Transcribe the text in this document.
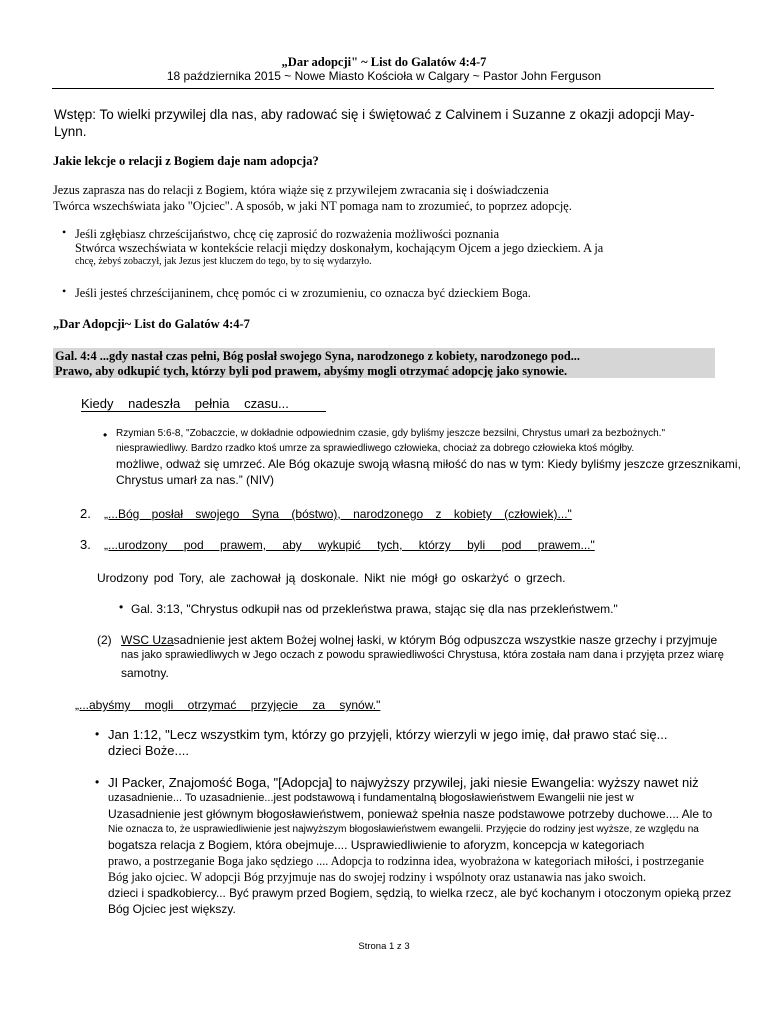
„Dar adopcji" ~ List do Galatów 4:4-7
18 października 2015 ~ Nowe Miasto Kościoła w Calgary ~ Pastor John Ferguson
Wstęp: To wielki przywilej dla nas, aby radować się i świętować z Calvinem i Suzanne z okazji adopcji May-
Lynn.
Jakie lekcje o relacji z Bogiem daje nam adopcja?
Jezus zaprasza nas do relacji z Bogiem, która wiąże się z przywilejem zwracania się i doświadczenia
Twórca wszechświata jako "Ojciec". A sposób, w jaki NT pomaga nam to zrozumieć, to poprzez adopcję.
• Jeśli zgłębiasz chrześcijaństwo, chcę cię zaprosić do rozważenia możliwości poznania
Stwórca wszechświata w kontekście relacji między doskonałym, kochającym Ojcem a jego dzieckiem. A ja
chcę, żebyś zobaczył, jak Jezus jest kluczem do tego, by to się wydarzyło.
• Jeśli jesteś chrześcijaninem, chcę pomóc ci w zrozumieniu, co oznacza być dzieckiem Boga.
„Dar Adopcji~ List do Galatów 4:4-7
Gal. 4:4 ...gdy nastał czas pełni, Bóg posłał swojego Syna, narodzonego z kobiety, narodzonego pod...
Prawo, aby odkupić tych, którzy byli pod prawem, abyśmy mogli otrzymać adopcję jako synowie.
Kiedy nadeszła pełnia czasu...
• Rzymian 5:6-8, "Zobaczcie, w dokładnie odpowiednim czasie, gdy byliśmy jeszcze bezsilni, Chrystus umarł za bezbożnych."
niesprawiedliwy. Bardzo rzadko ktoś umrze za sprawiedliwego człowieka, chociaż za dobrego człowieka ktoś mógłby.
możliwe, odważ się umrzeć. Ale Bóg okazuje swoją własną miłość do nas w tym: Kiedy byliśmy jeszcze grzesznikami,
Chrystus umarł za nas.” (NIV)
2. „...Bóg posłał swojego Syna (bóstwo), narodzonego z kobiety (człowiek)..."
3. „...urodzony pod prawem, aby wykupić tych, którzy byli pod prawem..."
Urodzony pod Tory, ale zachował ją doskonale. Nikt nie mógł go oskarżyć o grzech.
• Gal. 3:13, "Chrystus odkupił nas od przekleństwa prawa, stając się dla nas przekleństwem."
(2) WSC Uzasadnienie jest aktem Bożej wolnej łaski, w którym Bóg odpuszcza wszystkie nasze grzechy i przyjmuje
nas jako sprawiedliwych w Jego oczach z powodu sprawiedliwości Chrystusa, która została nam dana i przyjęta przez wiarę
samotny.
„...abyśmy mogli otrzymać przyjęcie za synów."
• Jan 1:12, "Lecz wszystkim tym, którzy go przyjęli, którzy wierzyli w jego imię, dał prawo stać się...
dzieci Boże....
• JI Packer, Znajomość Boga, "[Adopcja] to najwyższy przywilej, jaki niesie Ewangelia: wyższy nawet niż
uzasadnienie... To uzasadnienie...jest podstawową i fundamentalną błogosławieństwem Ewangelii nie jest w
Uzasadnienie jest głównym błogosławieństwem, ponieważ spełnia nasze podstawowe potrzeby duchowe.... Ale to
Nie oznacza to, że usprawiedliwienie jest najwyższym błogosławieństwem ewangelii. Przyjęcie do rodziny jest wyższe, ze względu na
bogatsza relacja z Bogiem, która obejmuje.... Usprawiedliwienie to aforyzm, koncepcja w kategoriach
prawo, a postrzeganie Boga jako sędziego .... Adopcja to rodzinna idea, wyobrażona w kategoriach miłości, i postrzeganie
Bóg jako ojciec. W adopcji Bóg przyjmuje nas do swojej rodziny i wspólnoty oraz ustanawia nas jako swoich.
dzieci i spadkobiercy... Być prawym przed Bogiem, sędzią, to wielka rzecz, ale być kochanym i otoczonym opieką przez
Bóg Ojciec jest większy.
Strona 1 z 3
